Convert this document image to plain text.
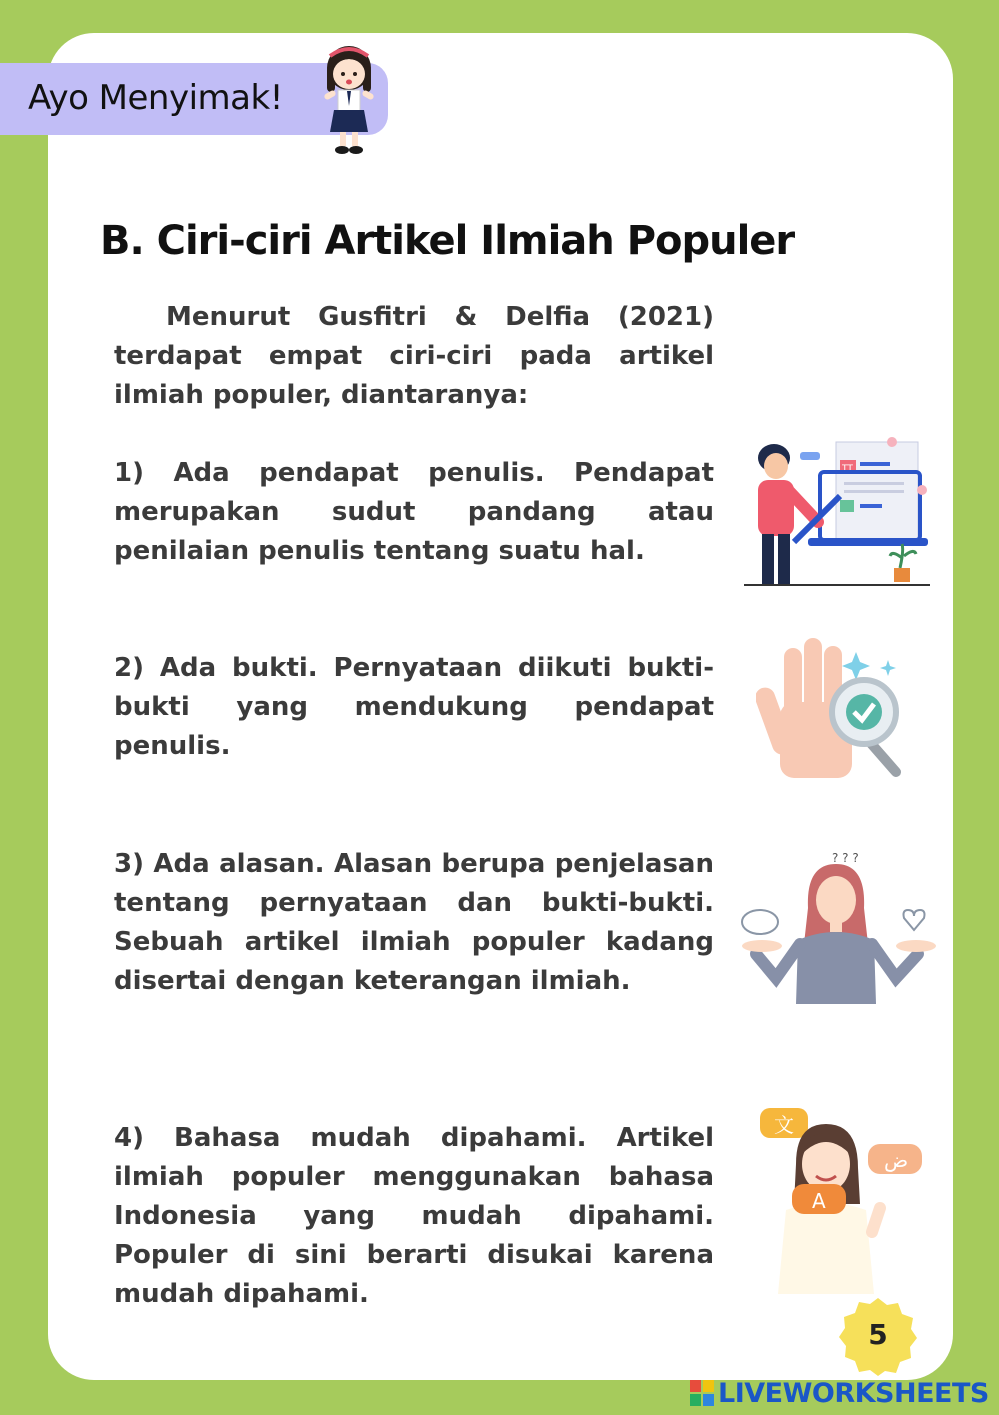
Ayo Menyimak!
B. Ciri-ciri Artikel Ilmiah Populer
Menurut Gusfitri & Delfia (2021) terdapat empat ciri-ciri pada artikel ilmiah populer, diantaranya:
1) Ada pendapat penulis. Pendapat merupakan sudut pandang atau penilaian penulis tentang suatu hal.
2) Ada bukti. Pernyataan diikuti bukti-bukti yang mendukung pendapat penulis.
3) Ada alasan. Alasan berupa penjelasan tentang pernyataan dan bukti-bukti. Sebuah artikel ilmiah populer kadang disertai dengan keterangan ilmiah.
4) Bahasa mudah dipahami. Artikel ilmiah populer menggunakan bahasa Indonesia yang mudah dipahami. Populer di sini berarti disukai karena mudah dipahami.
TT
? ? ?
文
ض
A
5
LIVEWORKSHEETS
